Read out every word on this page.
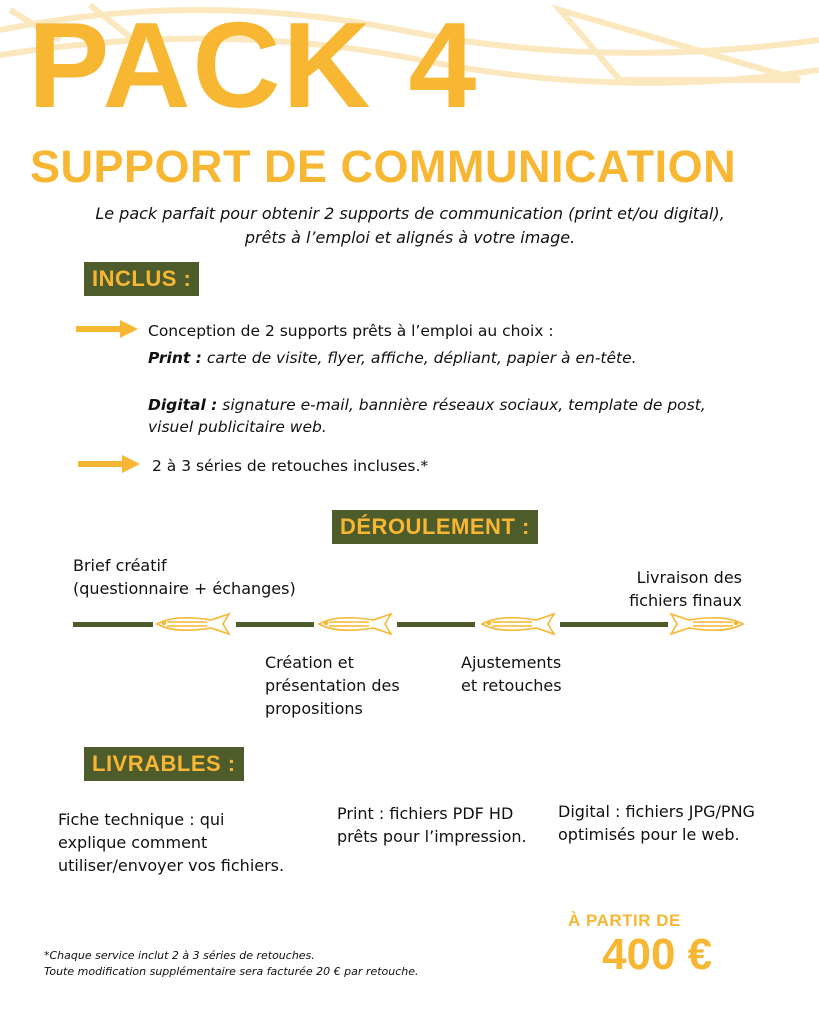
PACK 4
SUPPORT DE COMMUNICATION
Le pack parfait pour obtenir 2 supports de communication (print et/ou digital), prêts à l’emploi et alignés à votre image.
INCLUS :
Conception de 2 supports prêts à l’emploi au choix :
Print : carte de visite, flyer, affiche, dépliant, papier à en-tête.
Digital : signature e-mail, bannière réseaux sociaux, template de post, visuel publicitaire web.
2 à 3 séries de retouches incluses.*
DÉROULEMENT :
Brief créatif
(questionnaire + échanges)
Livraison des
fichiers finaux
Création et
présentation des
propositions
Ajustements
et retouches
LIVRABLES :
Fiche technique : qui
explique comment
utiliser/envoyer vos fichiers.
Print : fichiers PDF HD
prêts pour l’impression.
Digital : fichiers JPG/PNG
optimisés pour le web.
*Chaque service inclut 2 à 3 séries de retouches.
Toute modification supplémentaire sera facturée 20 € par retouche.
À PARTIR DE
400 €
